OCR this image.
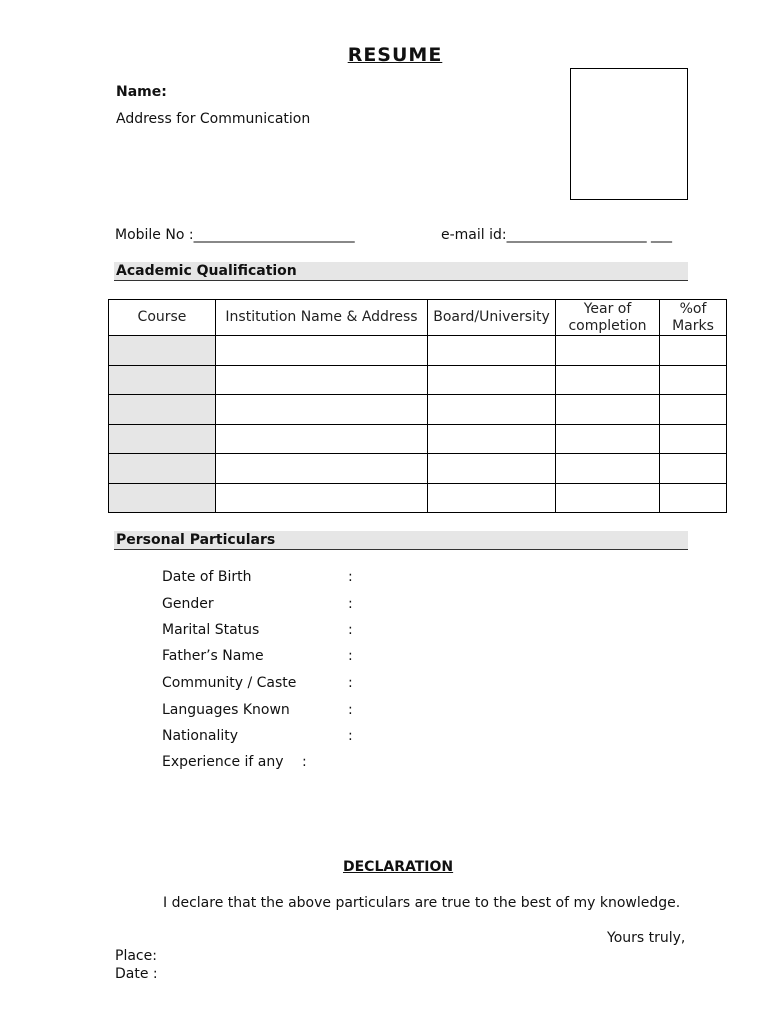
RESUME
Name:
Address for Communication
Mobile No :_______________________	e-mail id:____________________ ___
Academic Qualification
Course	Institution Name & Address	Board/University	Year of completion	%of Marks

Personal Particulars
Date of Birth	:
Gender	:
Marital Status	:
Father’s Name	:
Community / Caste	:
Languages Known	:
Nationality	:
Experience if any :
DECLARATION
I declare that the above particulars are true to the best of my knowledge.
Yours truly,
Place:
Date :
